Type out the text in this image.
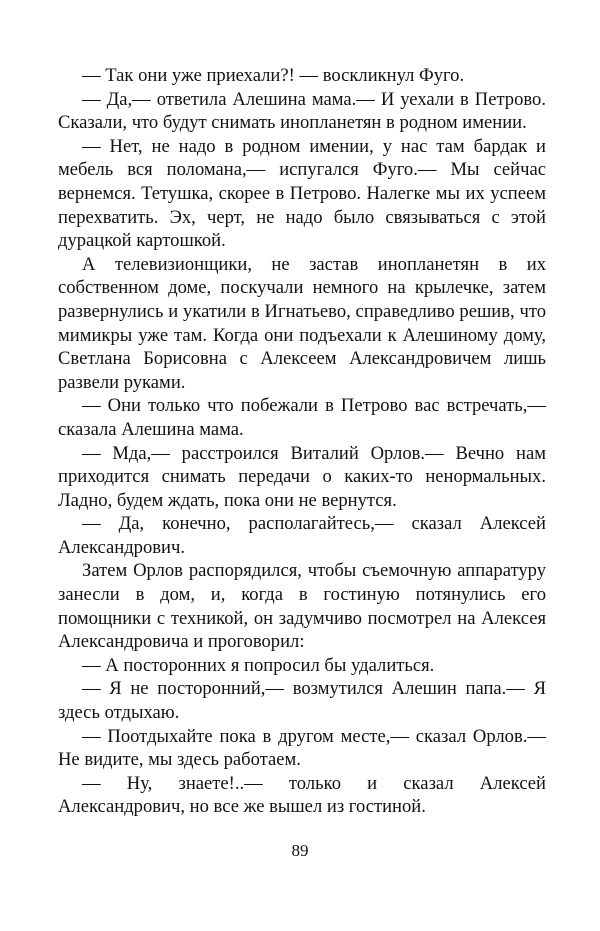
— Так они уже приехали?! — воскликнул Фуго.

— Да,— ответила Алешина мама.— И уехали в Петрово. Сказали, что будут снимать инопланетян в родном имении.

— Нет, не надо в родном имении, у нас там бардак и мебель вся поломана,— испугался Фуго.— Мы сейчас вернемся. Тетушка, скорее в Петрово. Налегке мы их успеем перехватить. Эх, черт, не надо было связываться с этой дурацкой картошкой.

А телевизионщики, не застав инопланетян в их собственном доме, поскучали немного на крылечке, затем развернулись и укатили в Игнатьево, справедливо решив, что мимикры уже там. Когда они подъехали к Алешиному дому, Светлана Борисовна с Алексеем Александровичем лишь развели руками.

— Они только что побежали в Петрово вас встречать,— сказала Алешина мама.

— Мда,— расстроился Виталий Орлов.— Вечно нам приходится снимать передачи о каких-то ненормальных. Ладно, будем ждать, пока они не вернутся.

— Да, конечно, располагайтесь,— сказал Алексей Александрович.

Затем Орлов распорядился, чтобы съемочную аппаратуру занесли в дом, и, когда в гостиную потянулись его помощники с техникой, он задумчиво посмотрел на Алексея Александровича и проговорил:

— А посторонних я попросил бы удалиться.

— Я не посторонний,— возмутился Алешин папа.— Я здесь отдыхаю.

— Поотдыхайте пока в другом месте,— сказал Орлов.— Не видите, мы здесь работаем.

— Ну, знаете!..— только и сказал Алексей Александрович, но все же вышел из гостиной.

89
